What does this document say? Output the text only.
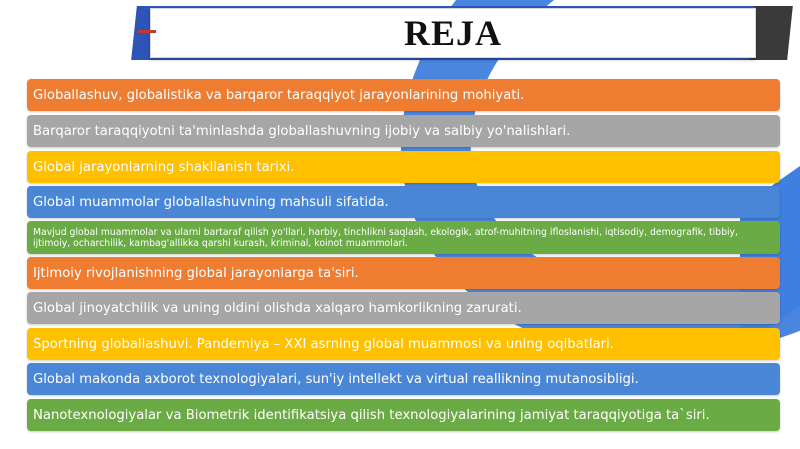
REJA
Globallashuv, globalistika va barqaror taraqqiyot jarayonlarining mohiyati.
Barqaror taraqqiyotni ta'minlashda globallashuvning ijobiy va salbiy yo'nalishlari.
Global jarayonlarning shakllanish tarixi.
Global muammolar globallashuvning mahsuli sifatida.
Mavjud global muammolar va ularni bartaraf qilish yo'llari, harbiy, tinchlikni saqlash, ekologik, atrof-muhitning ifloslanishi, iqtisodiy, demografik, tibbiy, ijtimoiy, ocharchilik, kambag'allikka qarshi kurash, kriminal, koinot muammolari.
Ijtimoiy rivojlanishning global jarayonlarga ta'siri.
Global jinoyatchilik va uning oldini olishda xalqaro hamkorlikning zarurati.
Sportning globallashuvi. Pandemiya – XXI asrning global muammosi va uning oqibatlari.
Global makonda axborot texnologiyalari, sun'iy intellekt va virtual reallikning mutanosibligi.
Nanotexnologiyalar va Biometrik identifikatsiya qilish texnologiyalarining jamiyat taraqqiyotiga ta`siri.
